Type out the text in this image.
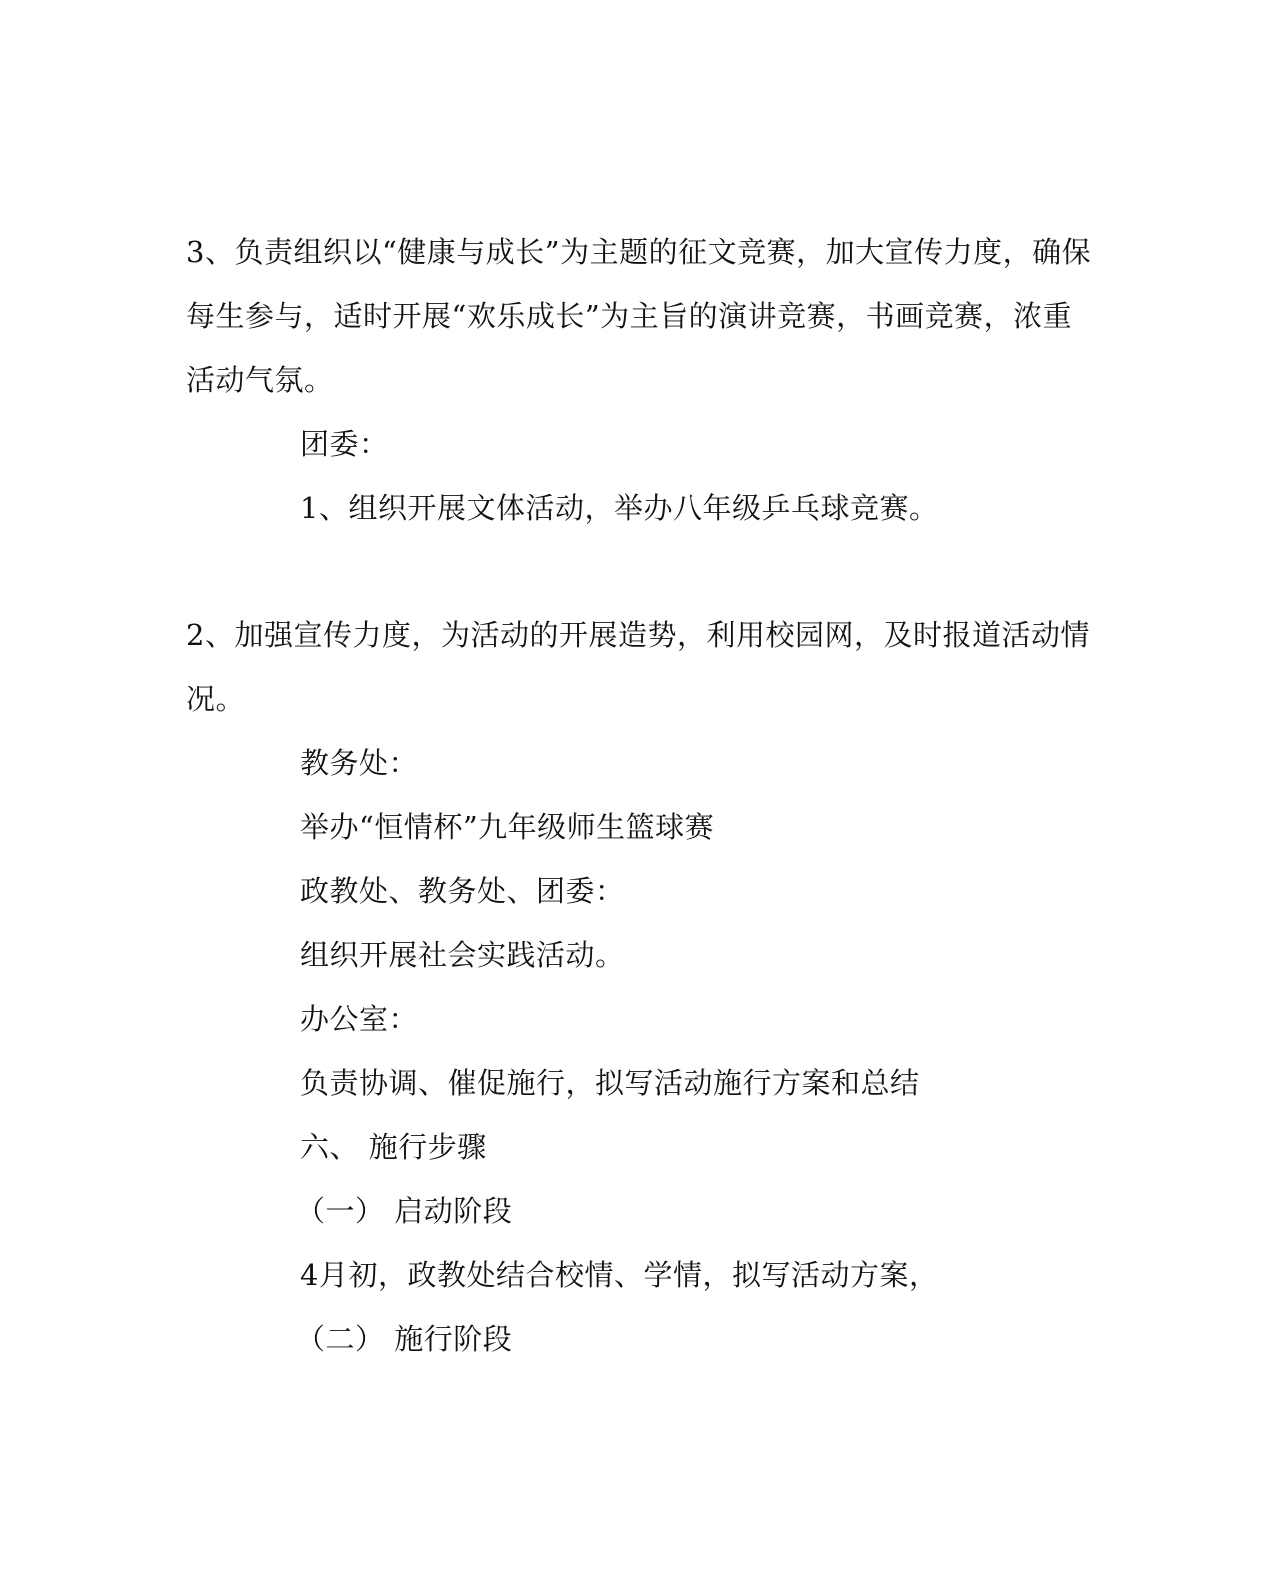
3、负责组织以“健康与成长”为主题的征文竞赛，加大宣传力度，确保
每生参与，适时开展“欢乐成长”为主旨的演讲竞赛，书画竞赛，浓重
活动气氛。
团委：
1、组织开展文体活动，举办八年级乒乓球竞赛。
2、加强宣传力度，为活动的开展造势，利用校园网，及时报道活动情
况。
教务处：
举办“恒情杯”九年级师生篮球赛
政教处、教务处、团委：
组织开展社会实践活动。
办公室：
负责协调、催促施行，拟写活动施行方案和总结
六、 施行步骤
（一） 启动阶段
4月初，政教处结合校情、学情，拟写活动方案，
（二） 施行阶段
